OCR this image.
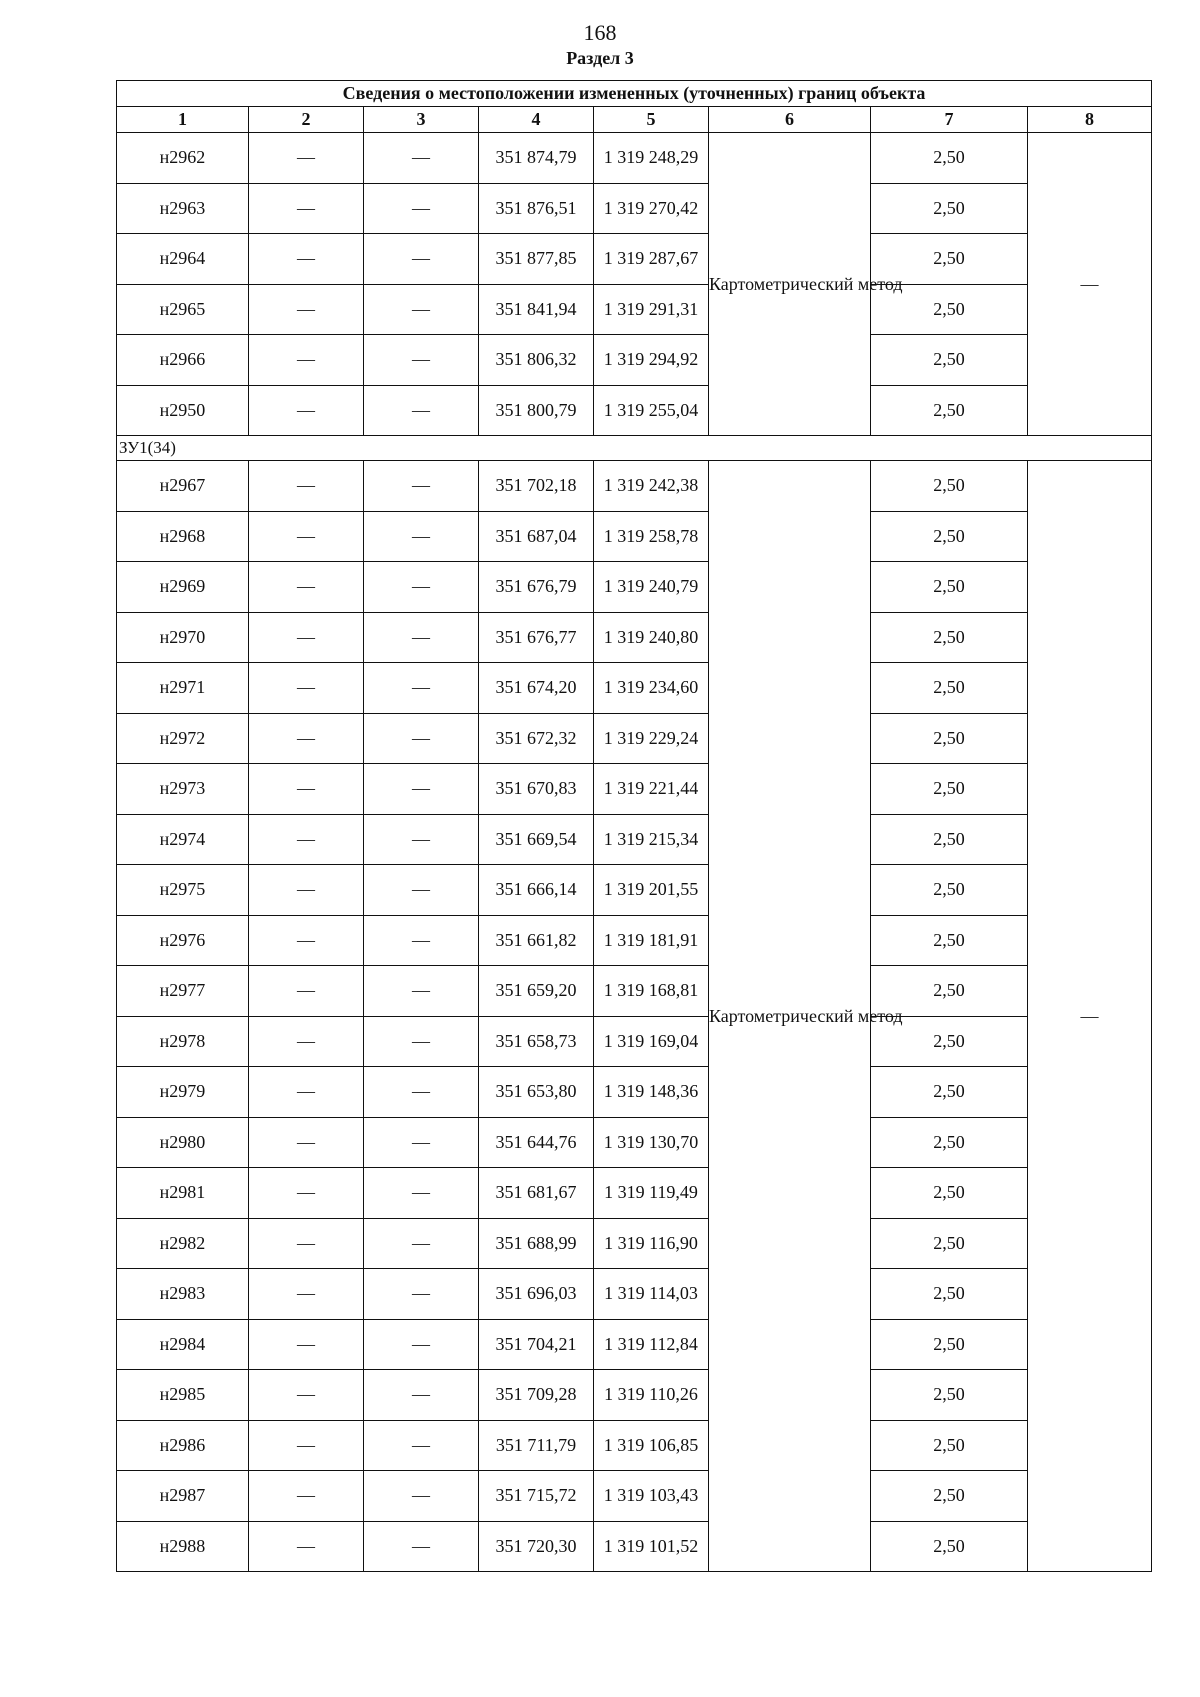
168
Раздел 3
Сведения о местоположении измененных (уточненных) границ объекта							
1	2	3	4	5	6	7	8
н2962	—	—	351 874,79	1 319 248,29	Картометрический метод	2,50	—
н2963	—	—	351 876,51	1 319 270,42		2,50	
н2964	—	—	351 877,85	1 319 287,67		2,50	
н2965	—	—	351 841,94	1 319 291,31		2,50	
н2966	—	—	351 806,32	1 319 294,92		2,50	
н2950	—	—	351 800,79	1 319 255,04		2,50	
ЗУ1(34)							
н2967	—	—	351 702,18	1 319 242,38	Картометрический метод	2,50	—
н2968	—	—	351 687,04	1 319 258,78		2,50	
н2969	—	—	351 676,79	1 319 240,79		2,50	
н2970	—	—	351 676,77	1 319 240,80		2,50	
н2971	—	—	351 674,20	1 319 234,60		2,50	
н2972	—	—	351 672,32	1 319 229,24		2,50	
н2973	—	—	351 670,83	1 319 221,44		2,50	
н2974	—	—	351 669,54	1 319 215,34		2,50	
н2975	—	—	351 666,14	1 319 201,55		2,50	
н2976	—	—	351 661,82	1 319 181,91		2,50	
н2977	—	—	351 659,20	1 319 168,81		2,50	
н2978	—	—	351 658,73	1 319 169,04		2,50	
н2979	—	—	351 653,80	1 319 148,36		2,50	
н2980	—	—	351 644,76	1 319 130,70		2,50	
н2981	—	—	351 681,67	1 319 119,49		2,50	
н2982	—	—	351 688,99	1 319 116,90		2,50	
н2983	—	—	351 696,03	1 319 114,03		2,50	
н2984	—	—	351 704,21	1 319 112,84		2,50	
н2985	—	—	351 709,28	1 319 110,26		2,50	
н2986	—	—	351 711,79	1 319 106,85		2,50	
н2987	—	—	351 715,72	1 319 103,43		2,50	
н2988	—	—	351 720,30	1 319 101,52		2,50	
